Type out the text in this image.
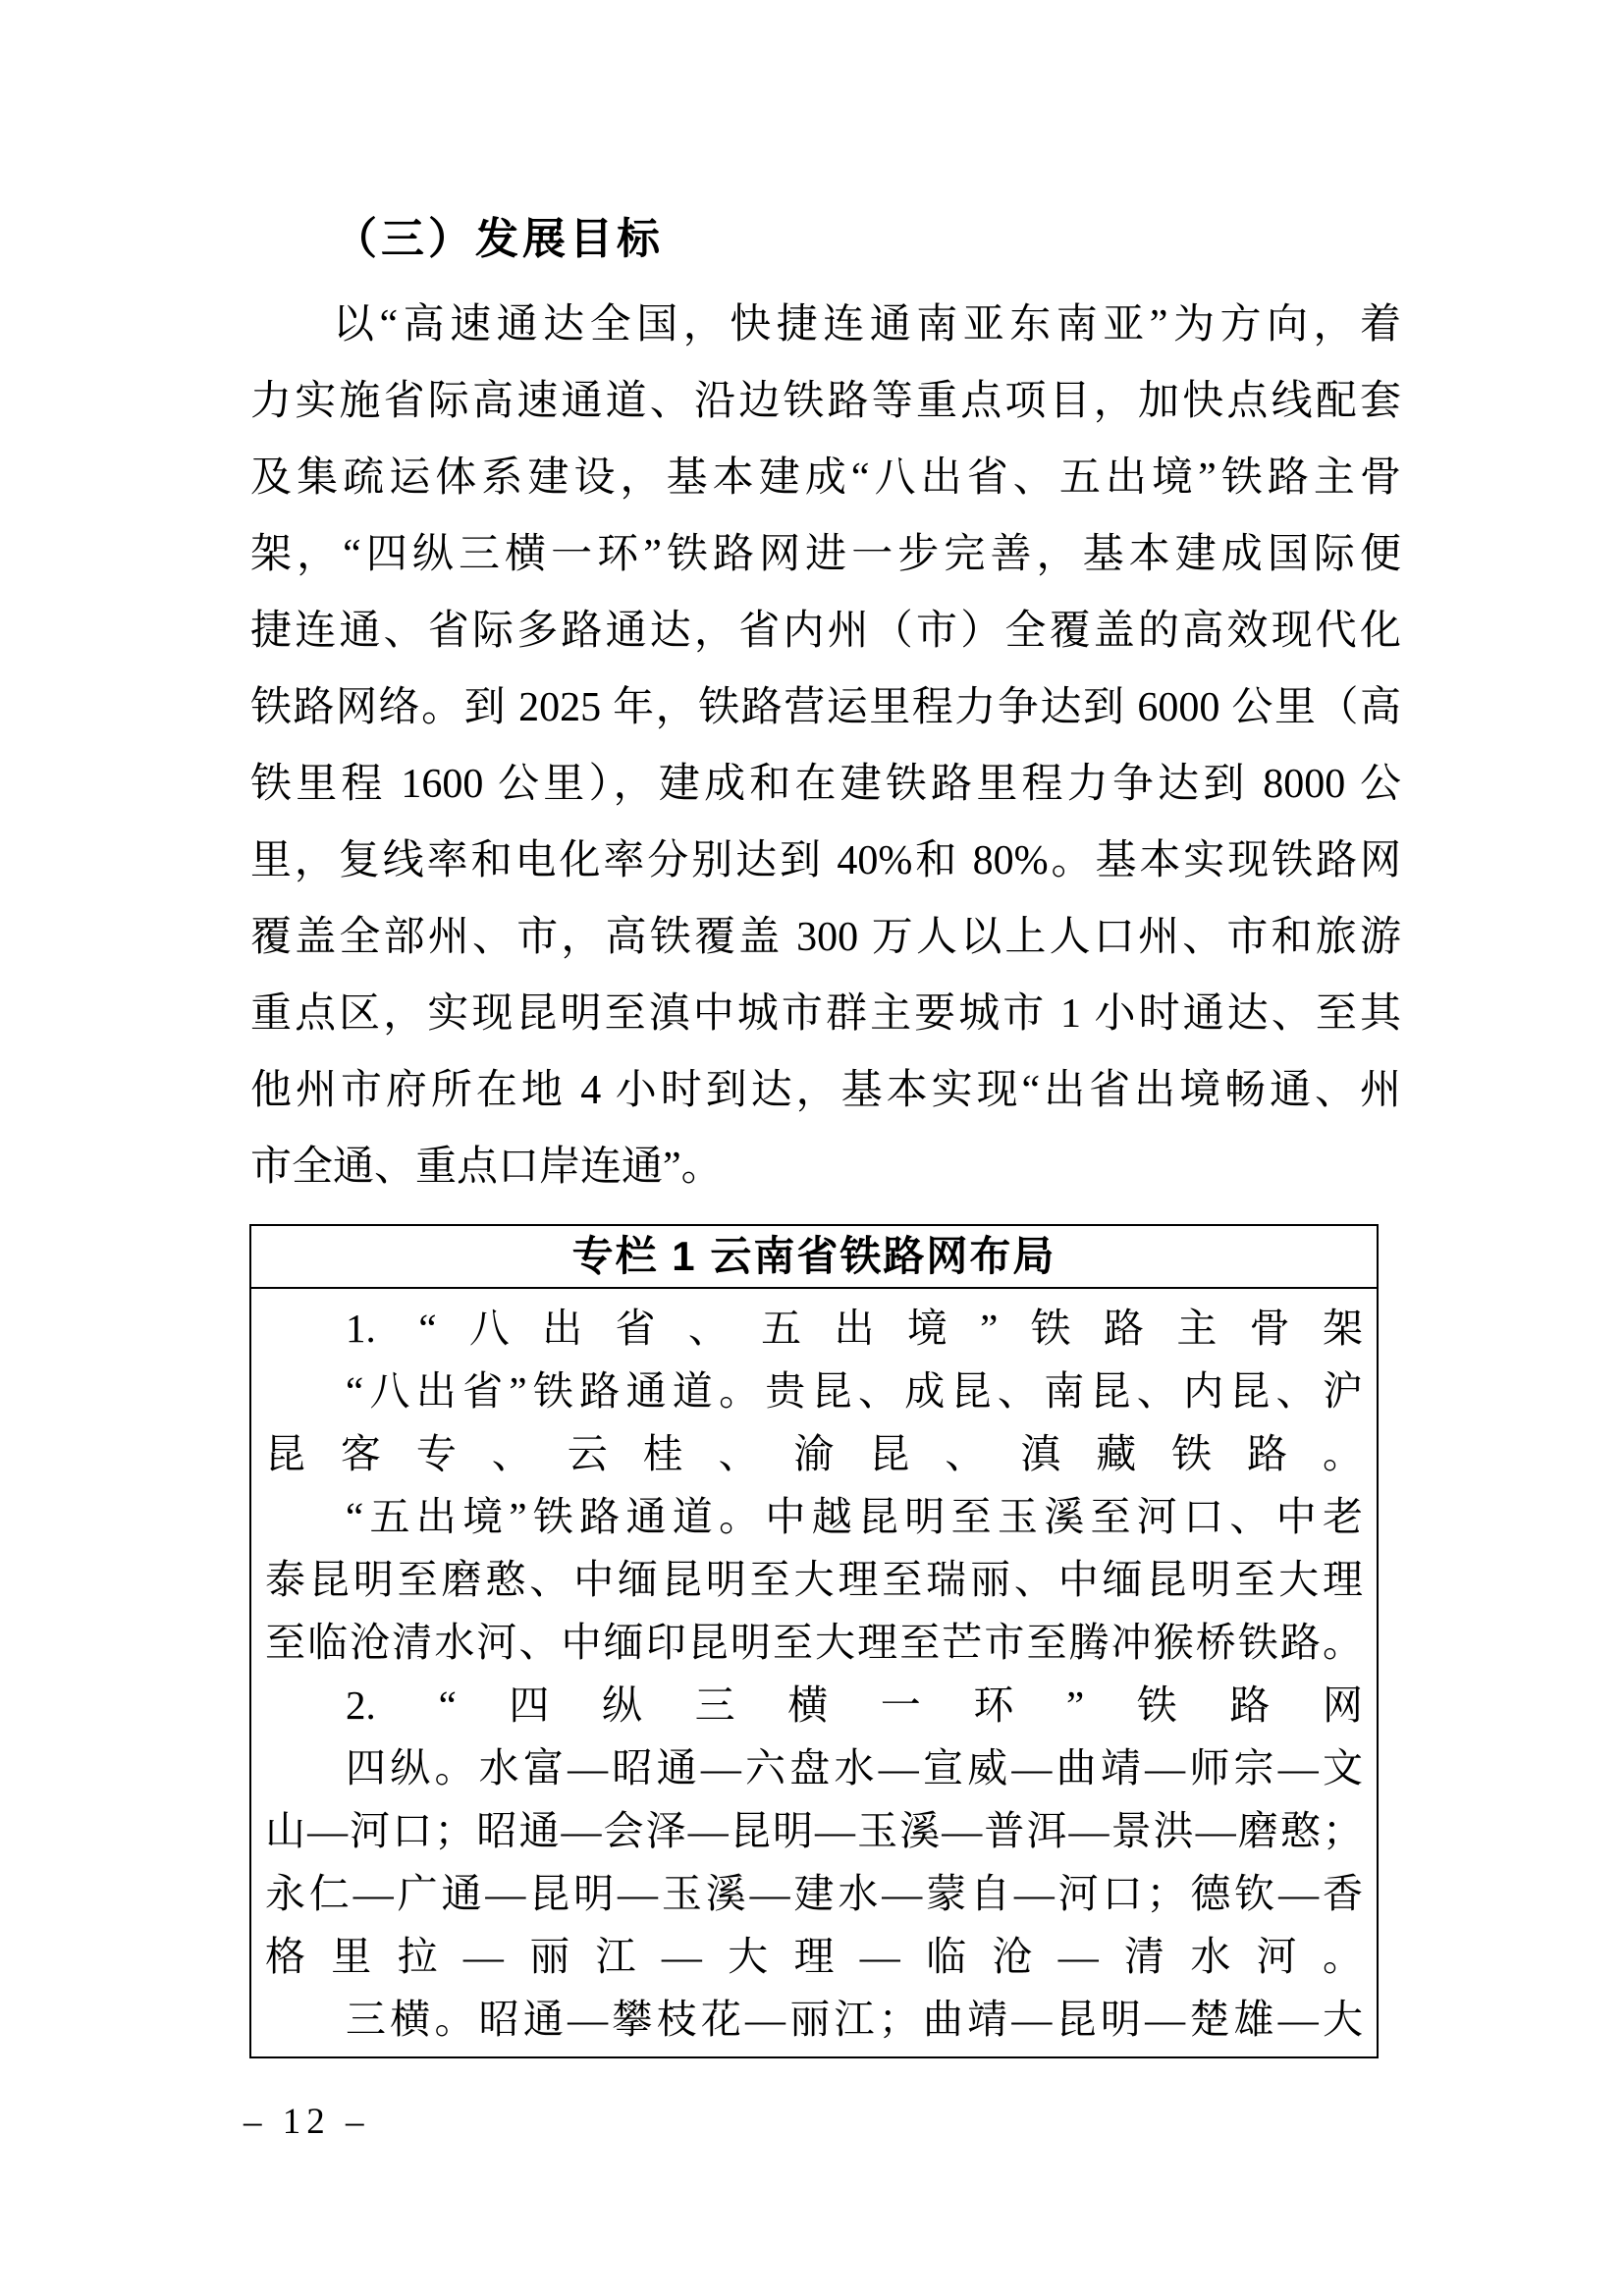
（三）发展目标
以“高速通达全国，快捷连通南亚东南亚”为方向，着
力实施省际高速通道、沿边铁路等重点项目，加快点线配套
及集疏运体系建设，基本建成“八出省、五出境”铁路主骨
架，“四纵三横一环”铁路网进一步完善，基本建成国际便
捷连通、省际多路通达，省内州（市）全覆盖的高效现代化
铁路网络。到 2025 年，铁路营运里程力争达到 6000 公里（高
铁里程 1600 公里），建成和在建铁路里程力争达到 8000 公
里，复线率和电化率分别达到 40%和 80%。基本实现铁路网
覆盖全部州、市，高铁覆盖 300 万人以上人口州、市和旅游
重点区，实现昆明至滇中城市群主要城市 1 小时通达、至其
他州市府所在地 4 小时到达，基本实现“出省出境畅通、州
市全通、重点口岸连通”。
专栏 1 云南省铁路网布局
1. “八出省、五出境”铁路主骨架
“八出省”铁路通道。贵昆、成昆、南昆、内昆、沪
昆客专、云桂、渝昆、滇藏铁路。
“五出境”铁路通道。中越昆明至玉溪至河口、中老
泰昆明至磨憨、中缅昆明至大理至瑞丽、中缅昆明至大理
至临沧清水河、中缅印昆明至大理至芒市至腾冲猴桥铁路。
2. “四纵三横一环”铁路网
四纵。水富—昭通—六盘水—宣威—曲靖—师宗—文
山—河口；昭通—会泽—昆明—玉溪—普洱—景洪—磨憨；
永仁—广通—昆明—玉溪—建水—蒙自—河口；德钦—香
格里拉—丽江—大理—临沧—清水河。
三横。昭通—攀枝花—丽江；曲靖—昆明—楚雄—大
– 12 –
